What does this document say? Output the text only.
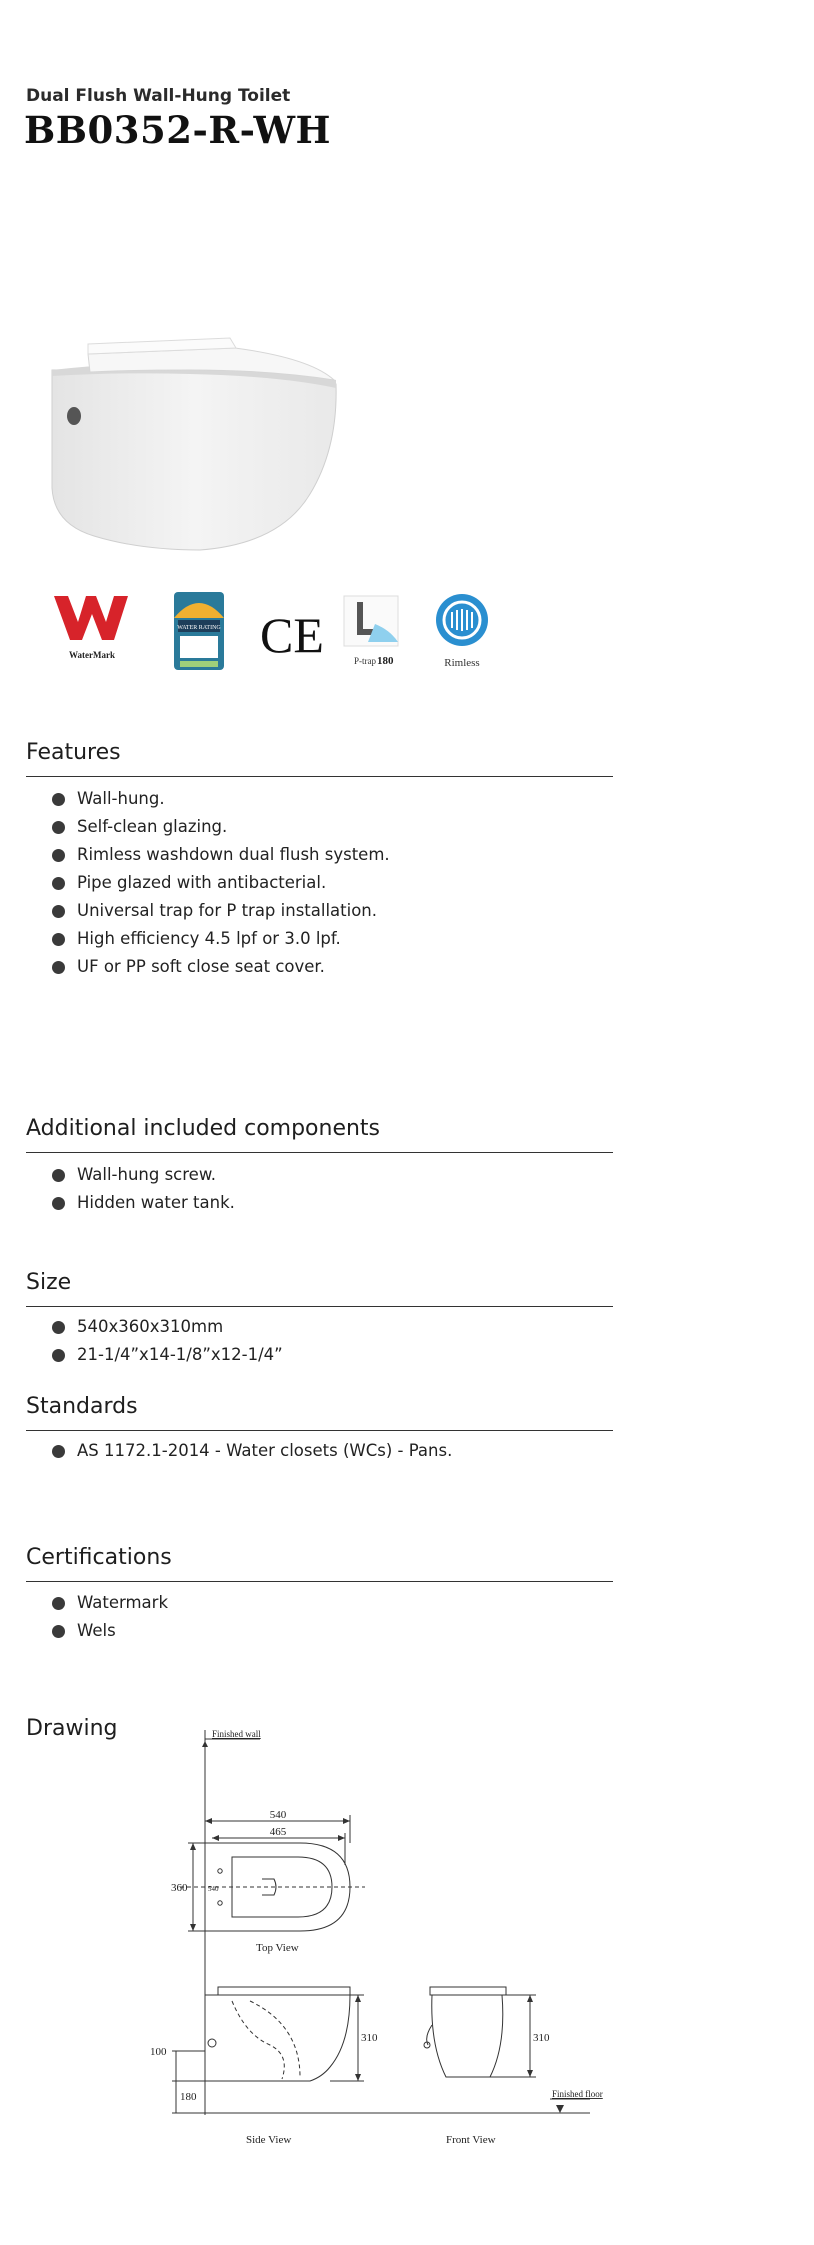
Dual Flush Wall-Hung Toilet
BB0352-R-WH
WaterMark
WATER RATING CE	P-trap 180	Rimless
Features
Wall-hung.
Self-clean glazing.
Rimless washdown dual flush system.
Pipe glazed with antibacterial.
Universal trap for P trap installation.
High efficiency 4.5 lpf or 3.0 lpf.
UF or PP soft close seat cover.
Additional included components
Wall-hung screw.
Hidden water tank.
Size
540x360x310mm
21-1/4”x14-1/8”x12-1/4”
Standards
AS 1172.1-2014 - Water closets (WCs) - Pans.
Certifications
Watermark
Wels
Drawing	Finished wall
Finished floor
540
465
360	540
Top View
310	310
100
180
Side View	Front View
